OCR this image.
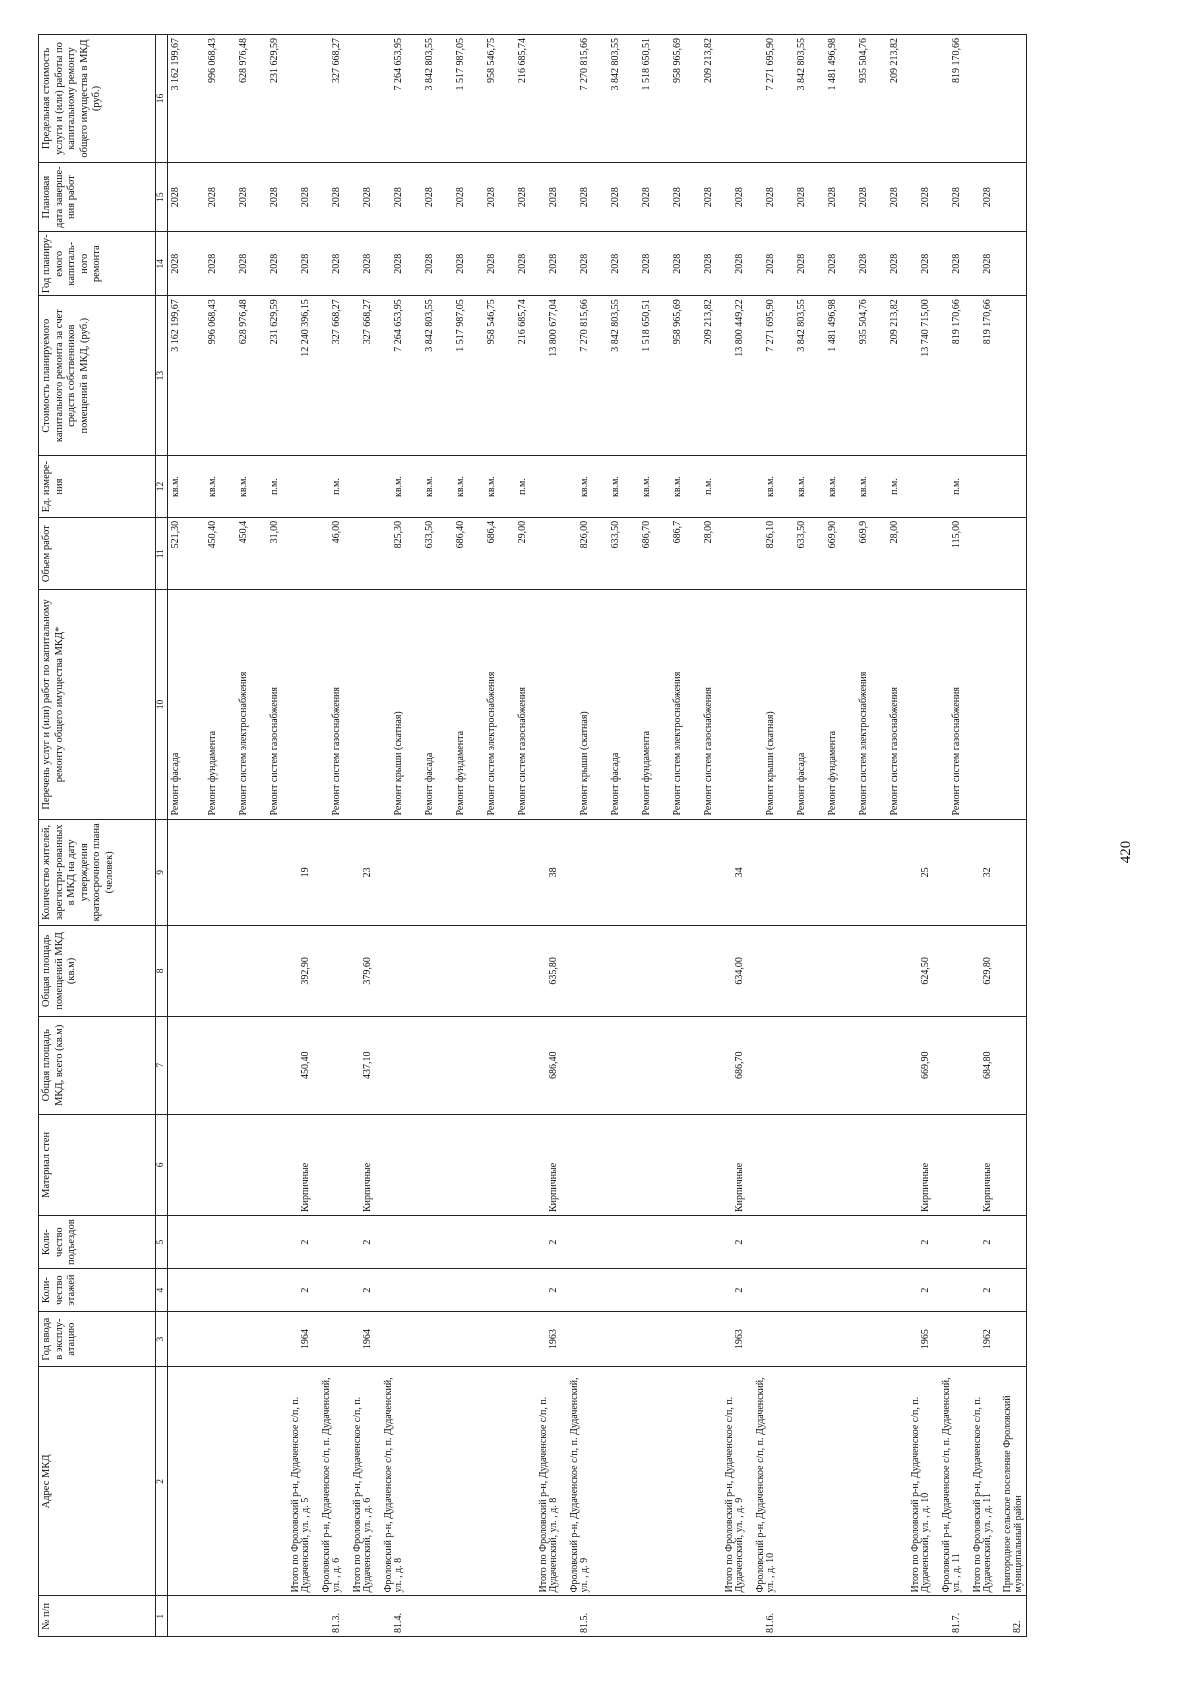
420
№ п/п	Адрес МКД	Год ввода в эксплу-атацию	Коли-чество этажей	Коли-чество подъездов	Материал стен	Общая площадь МКД, всего (кв.м)	Общая площадь помещений МКД (кв.м)	Количество жителей, зарегистри-рованных в МКД на дату утверждения краткосрочного плана (человек)	Перечень услуг и (или) работ по капитальному ремонту общего имущества МКД*	Объем работ	Ед. измере-ния	Стоимость планируемого капитального ремонта за счет средств собственников помещений в МКД, (руб.)	Год планиру-емого капиталь-ного ремонта	Плановая дата заверше-ния работ	Предельная стоимость услуги и (или) работы по капитальному ремонту общего имущества в МКД (руб.)
1	2	3	4	5	6	7	8	9	10	11	12	13	14	15	16
									Ремонт фасада	521,30	кв.м.	3 162 199,67	2028	2028	3 162 199,67
									Ремонт фундамента	450,40	кв.м.	996 068,43	2028	2028	996 068,43
									Ремонт систем электроснабжения	450,4	кв.м.	628 976,48	2028	2028	628 976,48
									Ремонт систем газоснабжения	31,00	п.м.	231 629,59	2028	2028	231 629,59
	Итого по Фроловский р-н, Дудаченское с/п, п. Дудаченский, ул. , д. 5	1964	2	2	Кирпичные	450,40	392,90	19				12 240 396,15	2028	2028	
81.3.	Фроловский р-н, Дудаченское с/п, п. Дудаченский, ул. , д. 6								Ремонт систем газоснабжения	46,00	п.м.	327 668,27	2028	2028	327 668,27
	Итого по Фроловский р-н, Дудаченское с/п, п. Дудаченский, ул. , д. 6	1964	2	2	Кирпичные	437,10	379,60	23				327 668,27	2028	2028	
81.4.	Фроловский р-н, Дудаченское с/п, п. Дудаченский, ул. , д. 8								Ремонт крыши (скатная)	825,30	кв.м.	7 264 653,95	2028	2028	7 264 653,95
									Ремонт фасада	633,50	кв.м.	3 842 803,55	2028	2028	3 842 803,55
									Ремонт фундамента	686,40	кв.м.	1 517 987,05	2028	2028	1 517 987,05
									Ремонт систем электроснабжения	686,4	кв.м.	958 546,75	2028	2028	958 546,75
									Ремонт систем газоснабжения	29,00	п.м.	216 685,74	2028	2028	216 685,74
	Итого по Фроловский р-н, Дудаченское с/п, п. Дудаченский, ул. , д. 8	1963	2	2	Кирпичные	686,40	635,80	38				13 800 677,04	2028	2028	
81.5.	Фроловский р-н, Дудаченское с/п, п. Дудаченский, ул. , д. 9								Ремонт крыши (скатная)	826,00	кв.м.	7 270 815,66	2028	2028	7 270 815,66
									Ремонт фасада	633,50	кв.м.	3 842 803,55	2028	2028	3 842 803,55
									Ремонт фундамента	686,70	кв.м.	1 518 650,51	2028	2028	1 518 650,51
									Ремонт систем электроснабжения	686,7	кв.м.	958 965,69	2028	2028	958 965,69
									Ремонт систем газоснабжения	28,00	п.м.	209 213,82	2028	2028	209 213,82
	Итого по Фроловский р-н, Дудаченское с/п, п. Дудаченский, ул. , д. 9	1963	2	2	Кирпичные	686,70	634,00	34				13 800 449,22	2028	2028	
81.6.	Фроловский р-н, Дудаченское с/п, п. Дудаченский, ул. , д. 10								Ремонт крыши (скатная)	826,10	кв.м.	7 271 695,90	2028	2028	7 271 695,90
									Ремонт фасада	633,50	кв.м.	3 842 803,55	2028	2028	3 842 803,55
									Ремонт фундамента	669,90	кв.м.	1 481 496,98	2028	2028	1 481 496,98
									Ремонт систем электроснабжения	669,9	кв.м.	935 504,76	2028	2028	935 504,76
									Ремонт систем газоснабжения	28,00	п.м.	209 213,82	2028	2028	209 213,82
	Итого по Фроловский р-н, Дудаченское с/п, п. Дудаченский, ул. , д. 10	1965	2	2	Кирпичные	669,90	624,50	25				13 740 715,00	2028	2028	
81.7.	Фроловский р-н, Дудаченское с/п, п. Дудаченский, ул. , д. 11								Ремонт систем газоснабжения	115,00	п.м.	819 170,66	2028	2028	819 170,66
	Итого по Фроловский р-н, Дудаченское с/п, п. Дудаченский, ул. , д. 11	1962	2	2	Кирпичные	684,80	629,80	32				819 170,66	2028	2028	
82.	Пригородное сельское поселение Фроловский муниципальный район														
